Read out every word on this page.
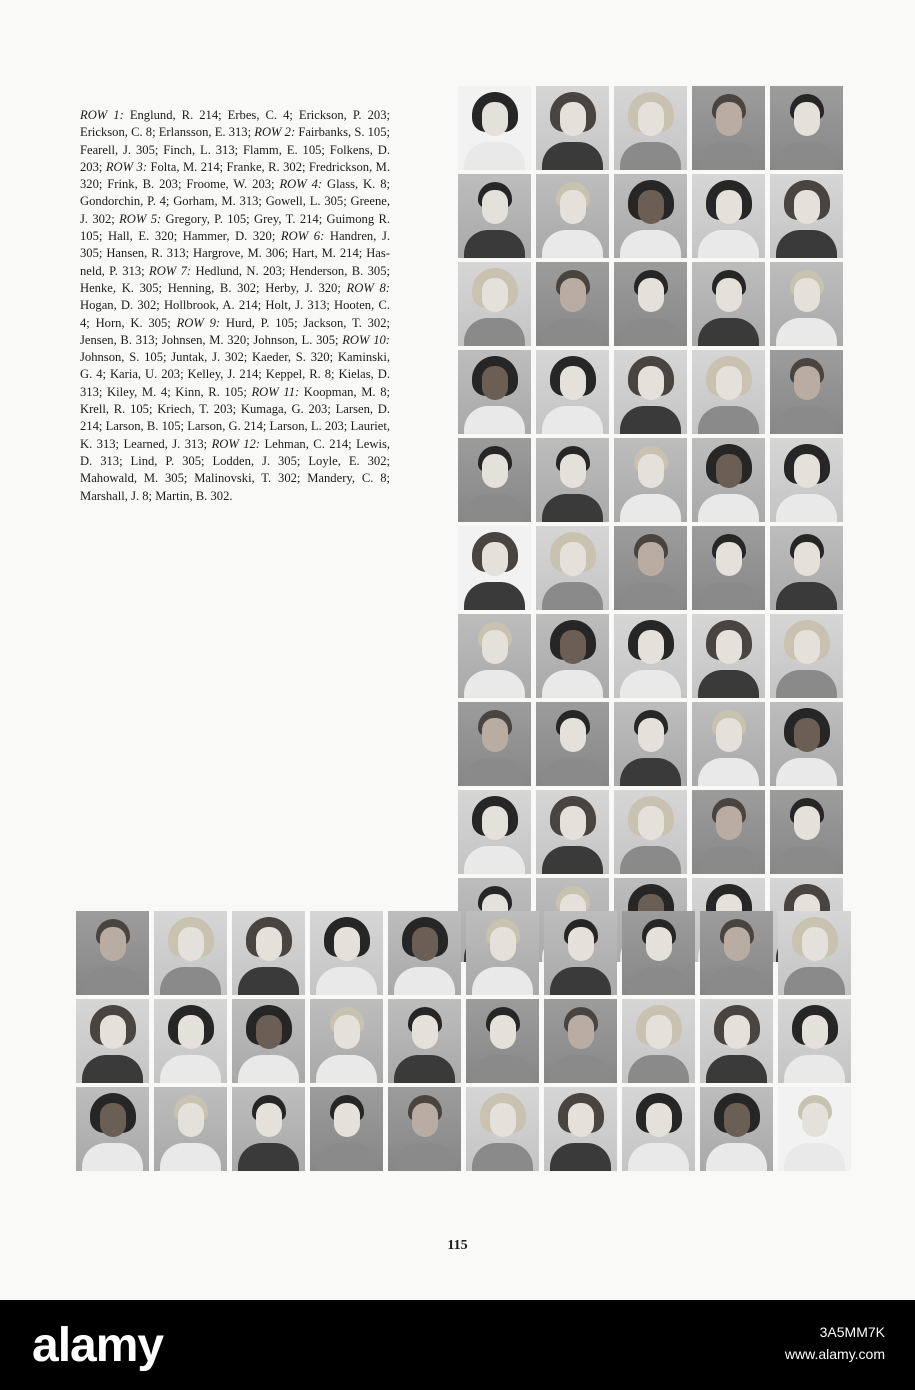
ROW 1: Englund, R. 214; Erbes, C. 4; Erickson, P. 203; Erickson, C. 8; Erlansson, E. 313; ROW 2: Fairbanks, S. 105; Fearell, J. 305; Finch, L. 313; Flamm, E. 105; Folkens, D. 203; ROW 3: Folta, M. 214; Franke, R. 302; Fredrickson, M. 320; Frink, B. 203; Froome, W. 203; ROW 4: Glass, K. 8; Gondorchin, P. 4; Gorham, M. 313; Gowell, L. 305; Greene, J. 302; ROW 5: Gregory, P. 105; Grey, T. 214; Guimong R. 105; Hall, E. 320; Hammer, D. 320; ROW 6: Handren, J. 305; Hansen, R. 313; Hargrove, M. 306; Hart, M. 214; Hasneld, P. 313; ROW 7: Hedlund, N. 203; Henderson, B. 305; Henke, K. 305; Henning, B. 302; Herby, J. 320; ROW 8: Hogan, D. 302; Hollbrook, A. 214; Holt, J. 313; Hooten, C. 4; Horn, K. 305; ROW 9: Hurd, P. 105; Jackson, T. 302; Jensen, B. 313; Johnsen, M. 320; Johnson, L. 305; ROW 10: Johnson, S. 105; Juntak, J. 302; Kaeder, S. 320; Kaminski, G. 4; Karia, U. 203; Kelley, J. 214; Keppel, R. 8; Kielas, D. 313; Kiley, M. 4; Kinn, R. 105; ROW 11: Koopman, M. 8; Krell, R. 105; Kriech, T. 203; Kumaga, G. 203; Larsen, D. 214; Larson, B. 105; Larson, G. 214; Larson, L. 203; Lauriet, K. 313; Learned, J. 313; ROW 12: Lehman, C. 214; Lewis, D. 313; Lind, P. 305; Lodden, J. 305; Loyle, E. 302; Mahowald, M. 305; Malinovski, T. 302; Mandery, C. 8; Marshall, J. 8; Martin, B. 302.
115
alamy	3A5MM7K
www.alamy.com
